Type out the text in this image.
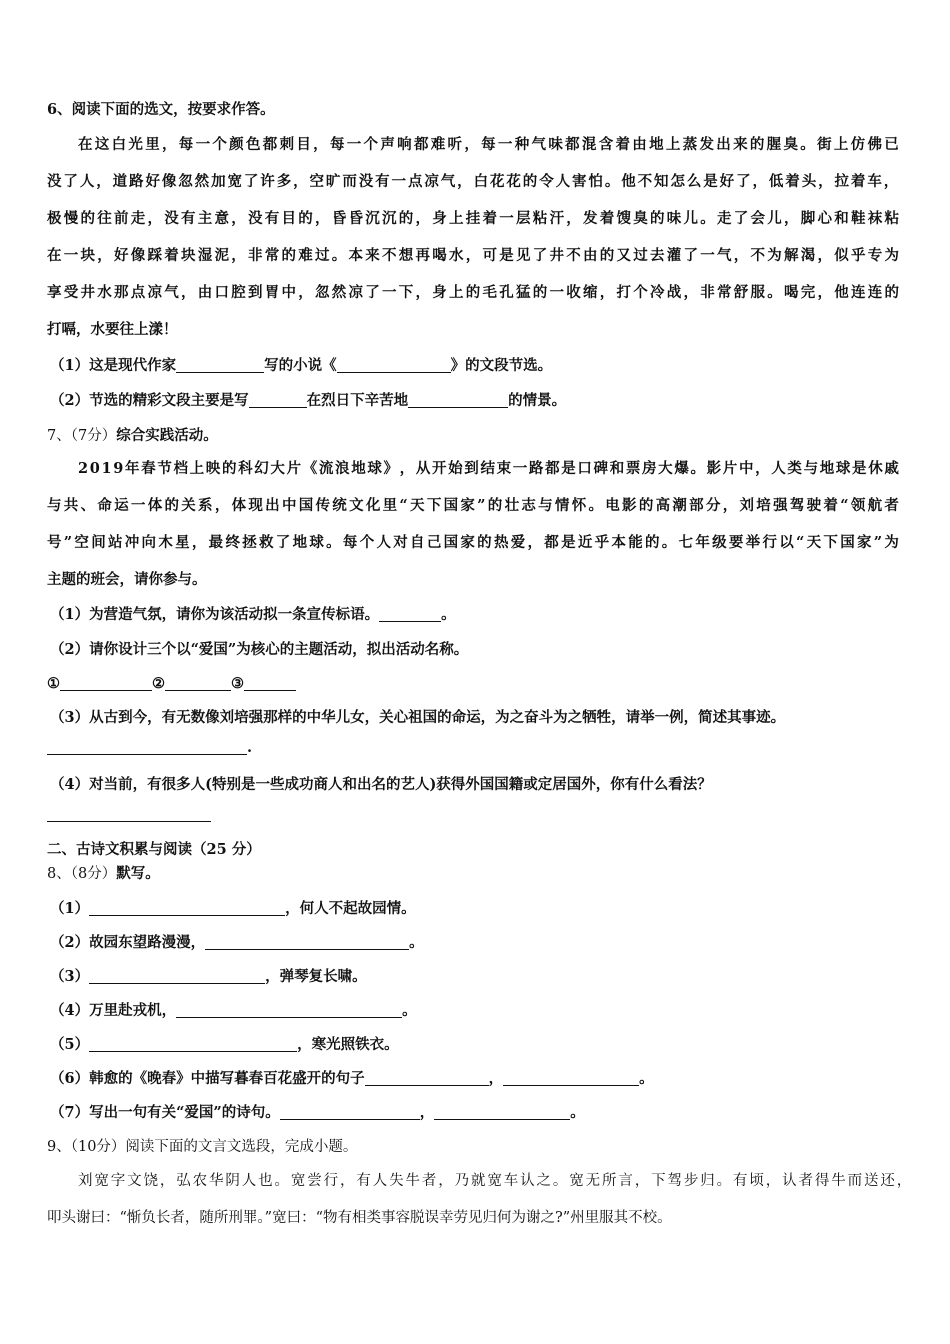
6、阅读下面的选文，按要求作答。
在 这 白 光 里 ， 每 一 个 颜 色 都 刺 目 ， 每 一 个 声 响 都 难 听 ， 每 一 种 气 味 都 混 含 着 由 地 上 蒸 发 出 来 的 腥 臭 。 街 上 仿 佛 已
没 了 人 ， 道 路 好 像 忽 然 加 宽 了 许 多 ， 空 旷 而 没 有 一 点 凉 气 ， 白 花 花 的 令 人 害 怕 。 他 不 知 怎 么 是 好 了 ， 低 着 头 ， 拉 着 车 ，
极 慢 的 往 前 走 ， 没 有 主 意 ， 没 有 目 的 ， 昏 昏 沉 沉 的 ， 身 上 挂 着 一 层 粘 汗 ， 发 着 馊 臭 的 味 儿 。 走 了 会 儿 ， 脚 心 和 鞋 袜 粘
在 一 块 ， 好 像 踩 着 块 湿 泥 ， 非 常 的 难 过 。 本 来 不 想 再 喝 水 ， 可 是 见 了 井 不 由 的 又 过 去 灌 了 一 气 ， 不 为 解 渴 ， 似 乎 专 为
享 受 井 水 那 点 凉 气 ， 由 口 腔 到 胃 中 ， 忽 然 凉 了 一 下 ， 身 上 的 毛 孔 猛 的 一 收 缩 ， 打 个 冷 战 ， 非 常 舒 服 。 喝 完 ， 他 连 连 的
打嗝，水要往上漾！
（1）这是现代作家	写的小说《	》的文段节选。
（2）节选的精彩文段主要是写	在烈日下辛苦地	的情景。
7、（7分）综合实践活动。
2 0 1 9 年 春 节 档 上 映 的 科 幻 大 片 《 流 浪 地 球 》 ， 从 开 始 到 结 束 一 路 都 是 口 碑 和 票 房 大 爆 。 影 片 中 ， 人 类 与 地 球 是 休 戚
与 共 、 命 运 一 体 的 关 系 ， 体 现 出 中 国 传 统 文 化 里 “ 天 下 国 家 ” 的 壮 志 与 情 怀 。 电 影 的 高 潮 部 分 ， 刘 培 强 驾 驶 着 “ 领 航 者
号 ” 空 间 站 冲 向 木 星 ， 最 终 拯 救 了 地 球 。 每 个 人 对 自 己 国 家 的 热 爱 ， 都 是 近 乎 本 能 的 。 七 年 级 要 举 行 以 “ 天 下 国 家 ” 为
主题的班会，请你参与。
（1）为营造气氛，请你为该活动拟一条宣传标语。	。
（2）请你设计三个以“爱国”为核心的主题活动，拟出活动名称。
①	②	③
（3）从古到今，有无数像刘培强那样的中华儿女，关心祖国的命运，为之奋斗为之牺牲，请举一例，简述其事迹。
.
（4）对当前，有很多人(特别是一些成功商人和出名的艺人)获得外国国籍或定居国外，你有什么看法？
二、古诗文积累与阅读（25 分）
8、（8分）默写。
（1）	，何人不起故园情。
（2）故园东望路漫漫，	。
（3）	，弹琴复长啸。
（4）万里赴戎机，	。
（5）	，寒光照铁衣。
（6）韩愈的《晚春》中描写暮春百花盛开的句子	，	。
（7）写出一句有关“爱国”的诗句。	，	。
9、（10分）阅读下面的文言文选段，完成小题。
刘 宽 字 文 饶 ， 弘 农 华 阴 人 也 。 宽 尝 行 ， 有 人 失 牛 者 ， 乃 就 宽 车 认 之 。 宽 无 所 言 ， 下 驾 步 归 。 有 顷 ， 认 者 得 牛 而 送 还 ，
叩头谢曰：“惭负长者，随所刑罪。”宽曰：“物有相类事容脱误幸劳见归何为谢之?”州里服其不校。
